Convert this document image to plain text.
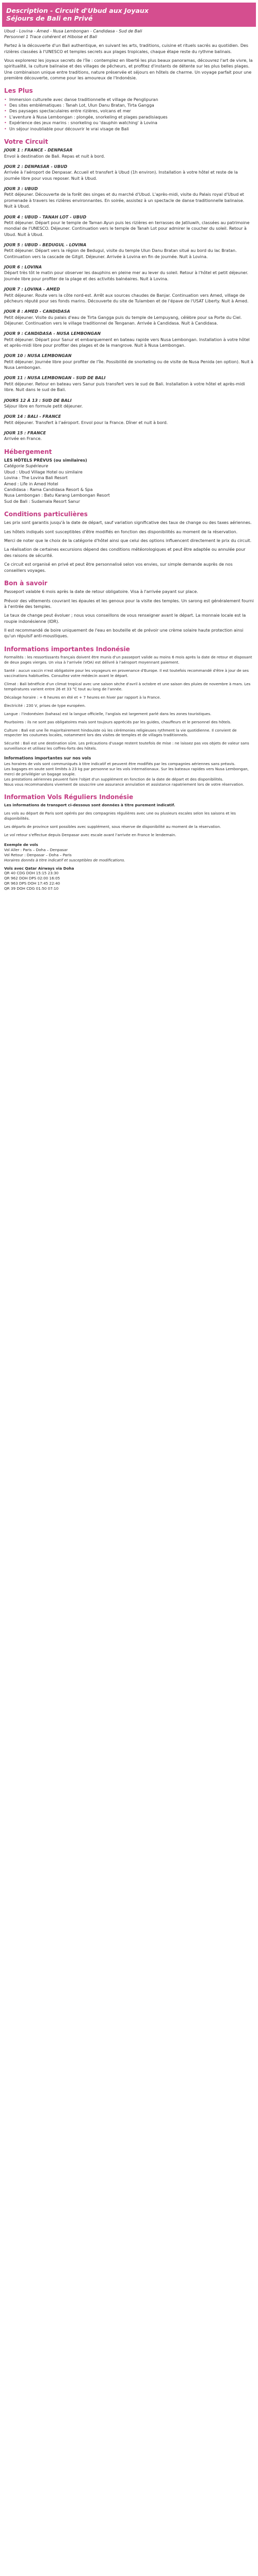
Description - Circuit d'Ubud aux Joyaux
Séjours de Bali en Privé

Ubud - Lovina - Amed - Nusa Lembongan - Candidasa - Sud de Bali

Personnel 1 Trace cohérent et Hiboise et Bali

Partez à la découverte d'un Bali authentique, en suivant les arts, traditions, cuisine et rituels sacrés au quotidien. Des rizières classées à l'UNESCO et temples secrets aux plages tropicales, chaque étape reste du rythme balinais.

Vous explorerez les joyaux secrets de l'île : contemplez en liberté les plus beaux panoramas, découvrez l'art de vivre, la spiritualité, la culture balinaise et des villages de pêcheurs, et profitez d'instants de détente sur les plus belles plages. Une combinaison unique entre traditions, nature préservée et séjours en hôtels de charme. Un voyage parfait pour une première découverte, comme pour les amoureux de l'Indonésie.

Les Plus
• Immersion culturelle avec danse traditionnelle et village de Penglipuran
• Des sites emblématiques : Tanah Lot, Ulun Danu Bratan, Tirta Gangga
• Des paysages spectaculaires entre rizières, volcans et mer
• L'aventure à Nusa Lembongan : plongée, snorkeling et plages paradisiaques
• Expérience des jeux marins : snorkeling ou 'dauphin watching' à Lovina
• Un séjour inoubliable pour découvrir le vrai visage de Bali
Votre Circuit

JOUR 1 : FRANCE - DENPASAR

Envol à destination de Bali. Repas et nuit à bord.

JOUR 2 : DENPASAR - UBUD

Arrivée à l'aéroport de Denpasar. Accueil et transfert à Ubud (1h environ). Installation à votre hôtel et reste de la journée libre pour vous reposer. Nuit à Ubud.

JOUR 3 : UBUD

Petit déjeuner. Découverte de la forêt des singes et du marché d'Ubud. L'après-midi, visite du Palais royal d'Ubud et promenade à travers les rizières environnantes. En soirée, assistez à un spectacle de danse traditionnelle balinaise. Nuit à Ubud.

JOUR 4 : UBUD - TANAH LOT - UBUD

Petit déjeuner. Départ pour le temple de Taman Ayun puis les rizières en terrasses de Jatiluwih, classées au patrimoine mondial de l'UNESCO. Déjeuner. Continuation vers le temple de Tanah Lot pour admirer le coucher du soleil. Retour à Ubud. Nuit à Ubud.

JOUR 5 : UBUD - BEDUGUL - LOVINA

Petit déjeuner. Départ vers la région de Bedugul, visite du temple Ulun Danu Bratan situé au bord du lac Bratan. Continuation vers la cascade de Gitgit. Déjeuner. Arrivée à Lovina en fin de journée. Nuit à Lovina.

JOUR 6 : LOVINA

Départ très tôt le matin pour observer les dauphins en pleine mer au lever du soleil. Retour à l'hôtel et petit déjeuner. Journée libre pour profiter de la plage et des activités balnéaires. Nuit à Lovina.

JOUR 7 : LOVINA - AMED

Petit déjeuner. Route vers la côte nord-est. Arrêt aux sources chaudes de Banjar. Continuation vers Amed, village de pêcheurs réputé pour ses fonds marins. Découverte du site de Tulamben et de l'épave de l'USAT Liberty. Nuit à Amed.

JOUR 8 : AMED - CANDIDASA

Petit déjeuner. Visite du palais d'eau de Tirta Gangga puis du temple de Lempuyang, célèbre pour sa Porte du Ciel. Déjeuner. Continuation vers le village traditionnel de Tenganan. Arrivée à Candidasa. Nuit à Candidasa.

JOUR 9 : CANDIDASA - NUSA LEMBONGAN

Petit déjeuner. Départ pour Sanur et embarquement en bateau rapide vers Nusa Lembongan. Installation à votre hôtel et après-midi libre pour profiter des plages et de la mangrove. Nuit à Nusa Lembongan.

JOUR 10 : NUSA LEMBONGAN

Petit déjeuner. Journée libre pour profiter de l'île. Possibilité de snorkeling ou de visite de Nusa Penida (en option). Nuit à Nusa Lembongan.

JOUR 11 : NUSA LEMBONGAN - SUD DE BALI

Petit déjeuner. Retour en bateau vers Sanur puis transfert vers le sud de Bali. Installation à votre hôtel et après-midi libre. Nuit dans le sud de Bali.

JOURS 12 À 13 : SUD DE BALI

Séjour libre en formule petit déjeuner.

JOUR 14 : BALI - FRANCE

Petit déjeuner. Transfert à l'aéroport. Envol pour la France. Dîner et nuit à bord.

JOUR 15 : FRANCE

Arrivée en France.

Hébergement

LES HÔTELS PRÉVUS (ou similaires)

Catégorie Supérieure

Ubud : Ubud Village Hotel ou similaire

Lovina : The Lovina Bali Resort

Amed : Life in Amed Hotel

Candidasa : Rama Candidasa Resort & Spa

Nusa Lembongan : Batu Karang Lembongan Resort

Sud de Bali : Sudamala Resort Sanur

Conditions particulières

Les prix sont garantis jusqu'à la date de départ, sauf variation significative des taux de change ou des taxes aériennes.

Les hôtels indiqués sont susceptibles d'être modifiés en fonction des disponibilités au moment de la réservation.

Merci de noter que le choix de la catégorie d'hôtel ainsi que celui des options influencent directement le prix du circuit.

La réalisation de certaines excursions dépend des conditions météorologiques et peut être adaptée ou annulée pour des raisons de sécurité.

Ce circuit est organisé en privé et peut être personnalisé selon vos envies, sur simple demande auprès de nos conseillers voyages.

Bon à savoir

Passeport valable 6 mois après la date de retour obligatoire. Visa à l'arrivée payant sur place.

Prévoir des vêtements couvrant les épaules et les genoux pour la visite des temples. Un sarong est généralement fourni à l'entrée des temples.

Le taux de change peut évoluer ; nous vous conseillons de vous renseigner avant le départ. La monnaie locale est la roupie indonésienne (IDR).

Il est recommandé de boire uniquement de l'eau en bouteille et de prévoir une crème solaire haute protection ainsi qu'un répulsif anti-moustiques.

Informations importantes Indonésie

Formalités : les ressortissants français doivent être munis d'un passeport valide au moins 6 mois après la date de retour et disposant de deux pages vierges. Un visa à l'arrivée (VOA) est délivré à l'aéroport moyennant paiement.

Santé : aucun vaccin n'est obligatoire pour les voyageurs en provenance d'Europe. Il est toutefois recommandé d'être à jour de ses vaccinations habituelles. Consultez votre médecin avant le départ.

Climat : Bali bénéficie d'un climat tropical avec une saison sèche d'avril à octobre et une saison des pluies de novembre à mars. Les températures varient entre 26 et 33 °C tout au long de l'année.

Décalage horaire : + 6 heures en été et + 7 heures en hiver par rapport à la France.

Électricité : 230 V, prises de type européen.

Langue : l'indonésien (bahasa) est la langue officielle, l'anglais est largement parlé dans les zones touristiques.

Pourboires : ils ne sont pas obligatoires mais sont toujours appréciés par les guides, chauffeurs et le personnel des hôtels.

Culture : Bali est une île majoritairement hindouiste où les cérémonies religieuses rythment la vie quotidienne. Il convient de respecter les coutumes locales, notamment lors des visites de temples et de villages traditionnels.

Sécurité : Bali est une destination sûre. Les précautions d'usage restent toutefois de mise : ne laissez pas vos objets de valeur sans surveillance et utilisez les coffres-forts des hôtels.

Informations importantes sur nos vols

Les horaires de vols sont communiqués à titre indicatif et peuvent être modifiés par les compagnies aériennes sans préavis.

Les bagages en soute sont limités à 23 kg par personne sur les vols internationaux. Sur les bateaux rapides vers Nusa Lembongan, merci de privilégier un bagage souple.

Les prestations aériennes peuvent faire l'objet d'un supplément en fonction de la date de départ et des disponibilités.

Nous vous recommandons vivement de souscrire une assurance annulation et assistance rapatriement lors de votre réservation.

Information Vols Réguliers Indonésie

Les informations de transport ci-dessous sont données à titre purement indicatif.

Les vols au départ de Paris sont opérés par des compagnies régulières avec une ou plusieurs escales selon les saisons et les disponibilités.

Les départs de province sont possibles avec supplément, sous réserve de disponibilité au moment de la réservation.

Le vol retour s'effectue depuis Denpasar avec escale avant l'arrivée en France le lendemain.

Exemple de vols

Vol Aller : Paris – Doha – Denpasar

Vol Retour : Denpasar – Doha – Paris

Horaires donnés à titre indicatif et susceptibles de modifications.

Vols avec Qatar Airways via Doha

QR 40 CDG DOH 15:15 23:30

QR 962 DOH DPS 02:00 16:05

QR 963 DPS DOH 17:45 22:40

QR 39 DOH CDG 01:50 07:10
